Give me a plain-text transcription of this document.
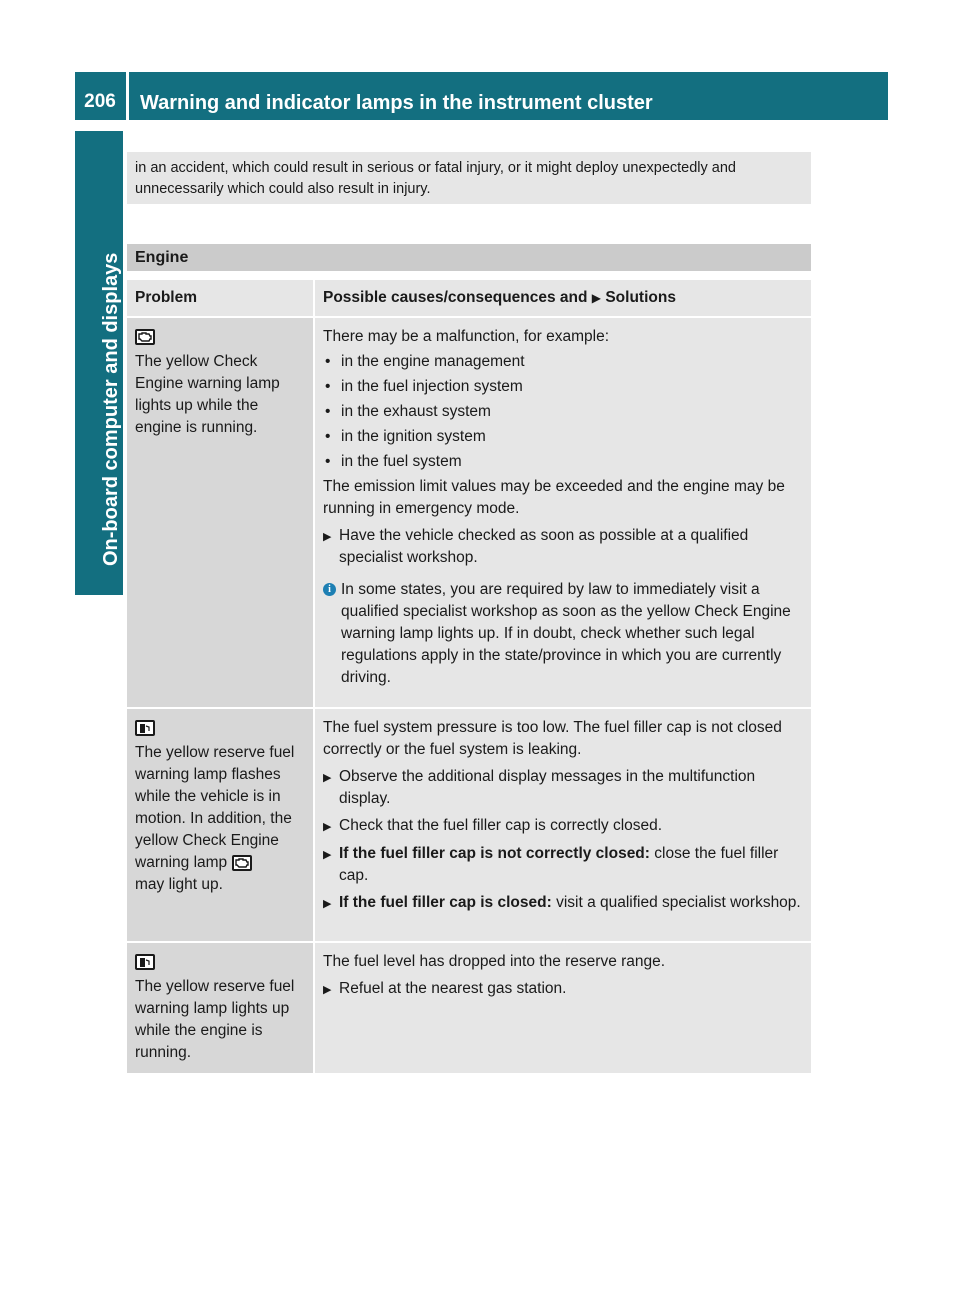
206	Warning and indicator lamps in the instrument cluster
On-board computer and displays
in an accident, which could result in serious or fatal injury, or it might deploy unexpectedly and unnecessarily which could also result in injury.
Engine
Problem	Possible causes/consequences and ▶ Solutions
The yellow Check Engine warning lamp lights up while the engine is running.
There may be a malfunction, for example:
• in the engine management
• in the fuel injection system
• in the exhaust system
• in the ignition system
• in the fuel system
The emission limit values may be exceeded and the engine may be running in emergency mode.
▶ Have the vehicle checked as soon as possible at a qualified specialist workshop.
i In some states, you are required by law to immediately visit a qualified specialist workshop as soon as the yellow Check Engine warning lamp lights up. If in doubt, check whether such legal regulations apply in the state/province in which you are currently driving.
The yellow reserve fuel warning lamp flashes while the vehicle is in motion. In addition, the yellow Check Engine warning lamp

may light up.
The fuel system pressure is too low. The fuel filler cap is not closed correctly or the fuel system is leaking.
▶ Observe the additional display messages in the multifunction display.
▶ Check that the fuel filler cap is correctly closed.
▶ If the fuel filler cap is not correctly closed: close the fuel filler cap.
▶ If the fuel filler cap is closed: visit a qualified specialist workshop.
The yellow reserve fuel warning lamp lights up while the engine is running.
The fuel level has dropped into the reserve range.
▶ Refuel at the nearest gas station.
